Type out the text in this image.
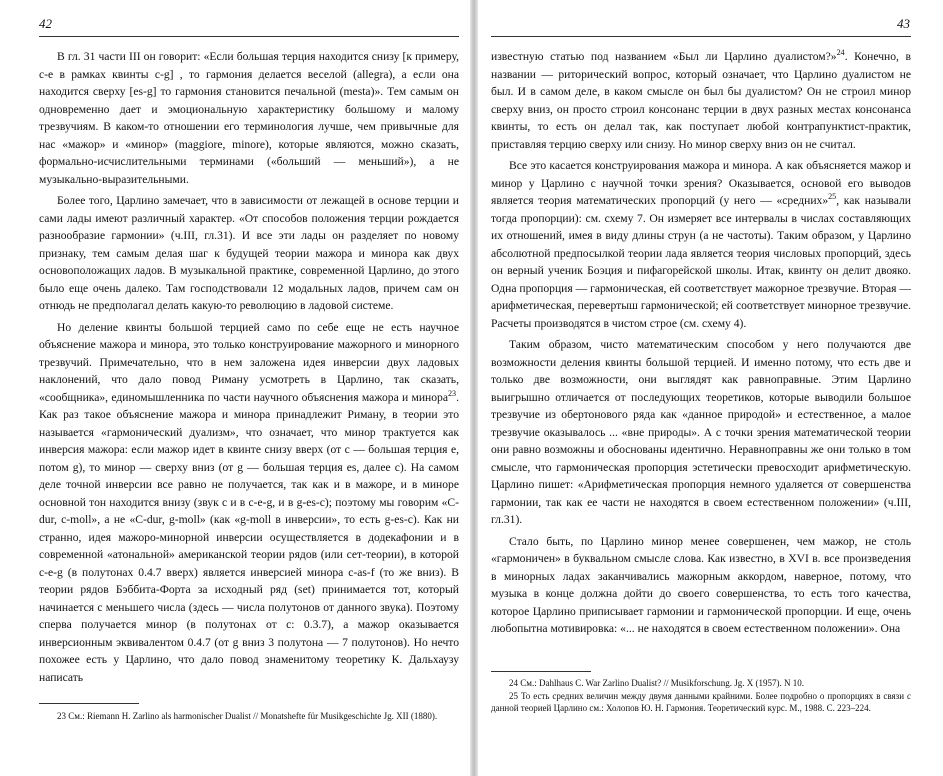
42

В гл. 31 части III он говорит: «Если большая терция находится снизу [к примеру, c-e в рамках квинты c-g] , то гармония делается веселой (allegra), а если она находится сверху [es-g] то гармония становится печальной (mesta)». Тем самым он одновременно дает и эмоциональную характеристику большому и малому трезвучиям. В каком-то отношении его терминология лучше, чем привычные для нас «мажор» и «минор» (maggiore, minore), которые являются, можно сказать, формально-исчислительными терминами («больший — меньший»), а не музыкально-выразительными.

Более того, Царлино замечает, что в зависимости от лежащей в основе терции и сами лады имеют различный характер. «От способов положения терции рождается разнообразие гармонии» (ч.III, гл.31). И все эти лады он разделяет по новому признаку, тем самым делая шаг к будущей теории мажора и минора как двух основоположащих ладов. В музыкальной практике, современной Царлино, до этого было еще очень далеко. Там господствовали 12 модальных ладов, причем сам он отнюдь не предполагал делать какую-то революцию в ладовой системе.

Но деление квинты большой терцией само по себе еще не есть научное объяснение мажора и минора, это только конструирование мажорного и минорного трезвучий. Примечательно, что в нем заложена идея инверсии двух ладовых наклонений, что дало повод Риману усмотреть в Царлино, так сказать, «сообщника», единомышленника по части научного объяснения мажора и минора$^{23}$. Как раз такое объяснение мажора и минора принадлежит Риману, в теории это называется «гармонический дуализм», что означает, что минор трактуется как инверсия мажора: если мажор идет в квинте снизу вверх (от c — большая терция e, потом g), то минор — сверху вниз (от g — большая терция es, далее c). На самом деле точной инверсии все равно не получается, так как и в мажоре, и в миноре основной тон находится внизу (звук c и в c-e-g, и в g-es-c); поэтому мы говорим «C-dur, c-moll», а не «C-dur, g-moll» (как «g-moll в инверсии», то есть g-es-c). Как ни странно, идея мажоро-минорной инверсии осуществляется в додекафонии и в современной «атональной» американской теории рядов (или сет-теории), в которой c-e-g (в полутонах 0.4.7 вверх) является инверсией минора c-as-f (то же вниз). В теории рядов Бэббита-Форта за исходный ряд (set) принимается тот, который начинается с меньшего числа (здесь — числа полутонов от данного звука). Поэтому сперва получается минор (в полутонах от c: 0.3.7), а мажор оказывается инверсионным эквивалентом 0.4.7 (от g вниз 3 полутона — 7 полутонов). Но нечто похожее есть у Царлино, что дало повод знаменитому теоретику К. Дальхаузу написать

23 См.: Riemann H. Zarlino als harmonischer Dualist // Monatshefte für Musikgeschichte Jg. XII (1880).

43

известную статью под названием «Был ли Царлино дуалистом?»$^{24}$. Конечно, в названии — риторический вопрос, который означает, что Царлино дуалистом не был. И в самом деле, в каком смысле он был бы дуалистом? Он не строил минор сверху вниз, он просто строил консонанс терции в двух разных местах консонанса квинты, то есть он делал так, как поступает любой контрапунктист-практик, приставляя терцию сверху или снизу. Но минор сверху вниз он не считал.

Все это касается конструирования мажора и минора. А как объясняется мажор и минор у Царлино с научной точки зрения? Оказывается, основой его выводов является теория математических пропорций (у него — «средних»$^{25}$, как называли тогда пропорции): см. схему 7. Он измеряет все интервалы в числах составляющих их отношений, имея в виду длины струн (а не частоты). Таким образом, у Царлино абсолютной предпосылкой теории лада является теория числовых пропорций, здесь он верный ученик Боэция и пифагорейской школы. Итак, квинту он делит двояко. Одна пропорция — гармоническая, ей соответствует мажорное трезвучие. Вторая — арифметическая, перевертыш гармонической; ей соответствует минорное трезвучие. Расчеты производятся в чистом строе (см. схему 4).

Таким образом, чисто математическим способом у него получаются две возможности деления квинты большой терцией. И именно потому, что есть две и только две возможности, они выглядят как равноправные. Этим Царлино выигрышно отличается от последующих теоретиков, которые выводили большое трезвучие из обертонового ряда как «данное природой» и естественное, а малое трезвучие оказывалось ... «вне природы». А с точки зрения математической теории они равно возможны и обоснованы идентично. Неравноправны же они только в том смысле, что гармоническая пропорция эстетически превосходит арифметическую. Царлино пишет: «Арифметическая пропорция немного удаляется от совершенства гармонии, так как ее части не находятся в своем естественном положении» (ч.III, гл.31).

Стало быть, по Царлино минор менее совершенен, чем мажор, не столь «гармоничен» в буквальном смысле слова. Как известно, в XVI в. все произведения в минорных ладах заканчивались мажорным аккордом, наверное, потому, что музыка в конце должна дойти до своего совершенства, то есть того качества, которое Царлино приписывает гармонии и гармонической пропорции. И еще, очень любопытна мотивировка: «... не находятся в своем естественном положении». Она

24 См.: Dahlhaus C. War Zarlino Dualist? // Musikforschung. Jg. X (1957). N 10.

25 То есть средних величин между двумя данными крайними. Более подробно о пропорциях в связи с данной теорией Царлино см.: Холопов Ю. Н. Гармония. Теоретический курс. М., 1988. С. 223–224.
